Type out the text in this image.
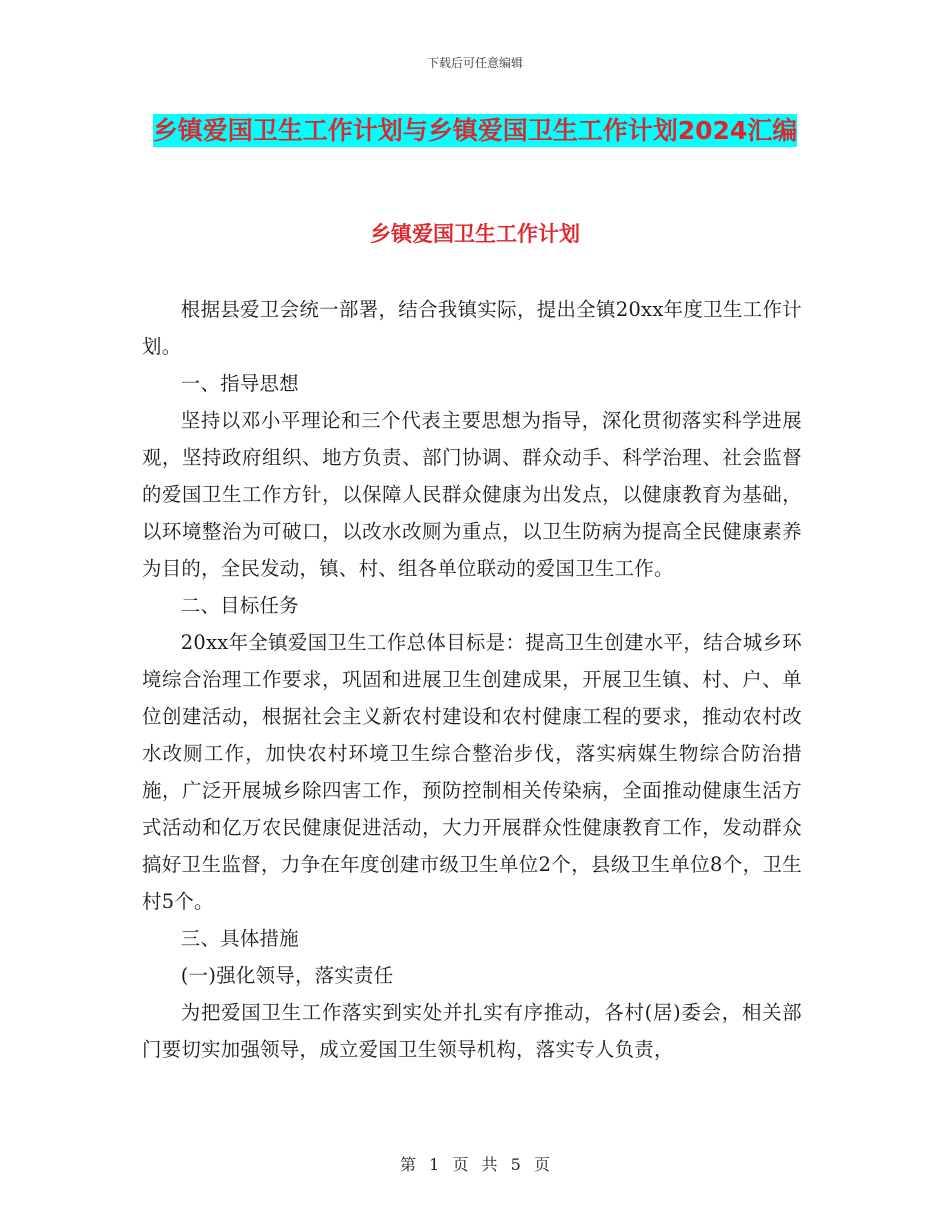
下载后可任意编辑
乡镇爱国卫生工作计划与乡镇爱国卫生工作计划2024汇编
乡镇爱国卫生工作计划

根据县爱卫会统一部署，结合我镇实际，提出全镇20xx年度卫生工作计划。

一、指导思想

坚持以邓小平理论和三个代表主要思想为指导，深化贯彻落实科学进展观，坚持政府组织、地方负责、部门协调、群众动手、科学治理、社会监督的爱国卫生工作方针，以保障人民群众健康为出发点，以健康教育为基础，以环境整治为可破口，以改水改厕为重点，以卫生防病为提高全民健康素养为目的，全民发动，镇、村、组各单位联动的爱国卫生工作。

二、目标任务

20xx年全镇爱国卫生工作总体目标是：提高卫生创建水平，结合城乡环境综合治理工作要求，巩固和进展卫生创建成果，开展卫生镇、村、户、单位创建活动，根据社会主义新农村建设和农村健康工程的要求，推动农村改水改厕工作，加快农村环境卫生综合整治步伐，落实病媒生物综合防治措施，广泛开展城乡除四害工作，预防控制相关传染病，全面推动健康生活方式活动和亿万农民健康促进活动，大力开展群众性健康教育工作，发动群众搞好卫生监督，力争在年度创建市级卫生单位2个，县级卫生单位8个，卫生村5个。

三、具体措施

(一)强化领导，落实责任

为把爱国卫生工作落实到实处并扎实有序推动，各村(居)委会，相关部门要切实加强领导，成立爱国卫生领导机构，落实专人负责，

第 1 页 共 5 页
